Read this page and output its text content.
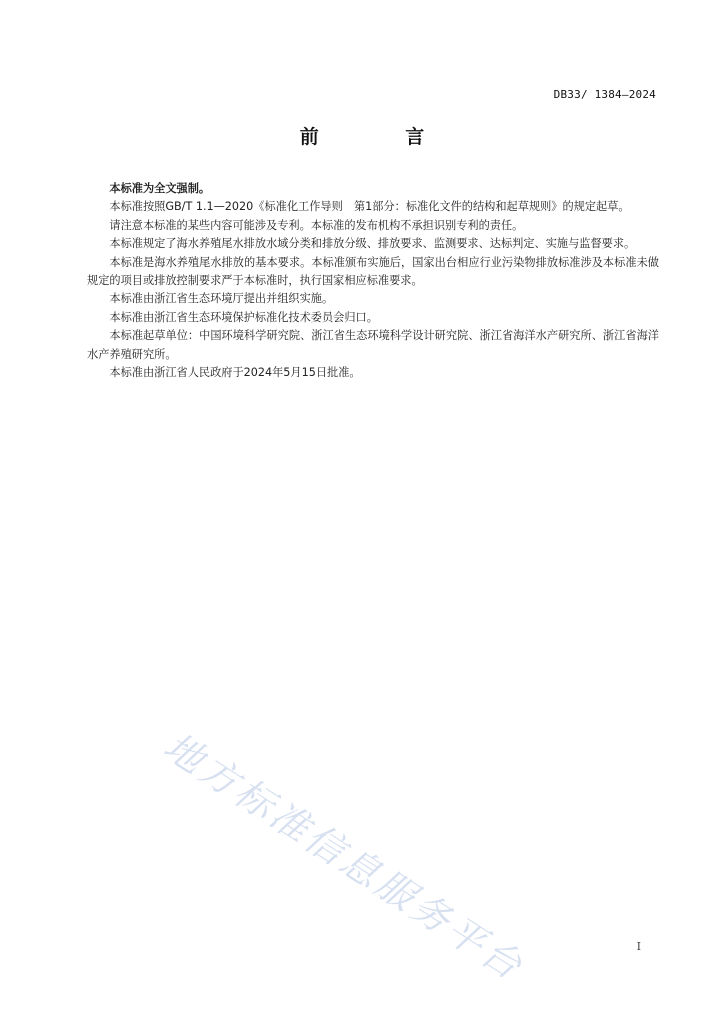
DB33/ 1384—2024
前 言

本标准为全文强制。

本标准按照GB/T 1.1—2020《标准化工作导则　第1部分：标准化文件的结构和起草规则》的规定起草。

请注意本标准的某些内容可能涉及专利。本标准的发布机构不承担识别专利的责任。

本标准规定了海水养殖尾水排放水域分类和排放分级、排放要求、监测要求、达标判定、实施与监督要求。

本标准是海水养殖尾水排放的基本要求。本标准颁布实施后，国家出台相应行业污染物排放标准涉及本标准未做规定的项目或排放控制要求严于本标准时，执行国家相应标准要求。

本标准由浙江省生态环境厅提出并组织实施。

本标准由浙江省生态环境保护标准化技术委员会归口。

本标准起草单位：中国环境科学研究院、浙江省生态环境科学设计研究院、浙江省海洋水产研究所、浙江省海洋水产养殖研究所。

本标准由浙江省人民政府于2024年5月15日批准。

地方标准信息服务平台	I
